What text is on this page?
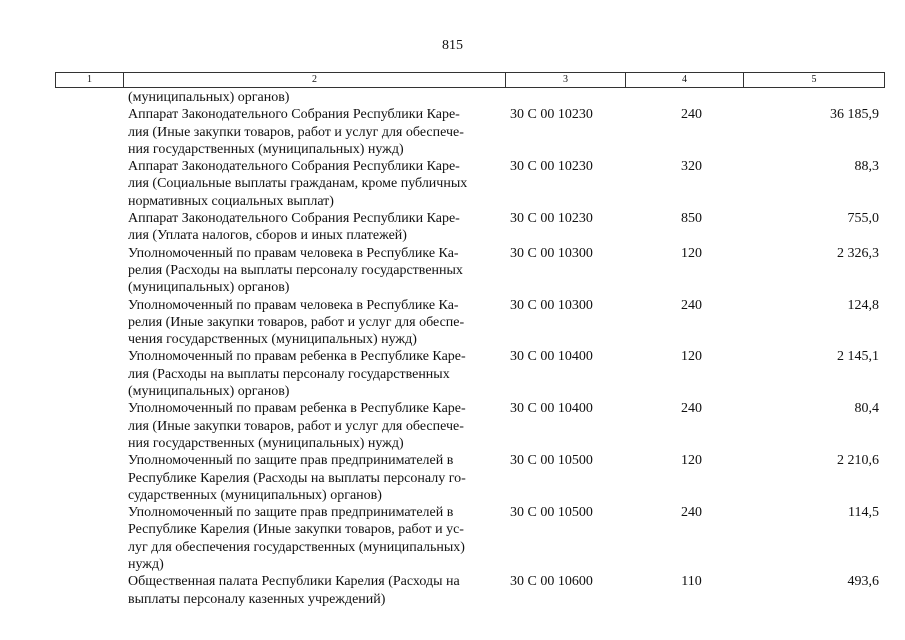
815
1	2	3	4	5
(муниципальных) органов)
Аппарат Законодательного Собрания Республики Каре-
лия (Иные закупки товаров, работ и услуг для обеспече-
ния государственных (муниципальных) нужд)
30 С 00 10230	240	36 185,9
Аппарат Законодательного Собрания Республики Каре-
лия (Социальные выплаты гражданам, кроме публичных
нормативных социальных выплат)
30 С 00 10230	320	88,3
Аппарат Законодательного Собрания Республики Каре-
лия (Уплата налогов, сборов и иных платежей)
30 С 00 10230	850	755,0
Уполномоченный по правам человека в Республике Ка-
релия (Расходы на выплаты персоналу государственных
(муниципальных) органов)
30 С 00 10300	120	2 326,3
Уполномоченный по правам человека в Республике Ка-
релия (Иные закупки товаров, работ и услуг для обеспе-
чения государственных (муниципальных) нужд)
30 С 00 10300	240	124,8
Уполномоченный по правам ребенка в Республике Каре-
лия (Расходы на выплаты персоналу государственных
(муниципальных) органов)
30 С 00 10400	120	2 145,1
Уполномоченный по правам ребенка в Республике Каре-
лия (Иные закупки товаров, работ и услуг для обеспече-
ния государственных (муниципальных) нужд)
30 С 00 10400	240	80,4
Уполномоченный по защите прав предпринимателей в
Республике Карелия (Расходы на выплаты персоналу го-
сударственных (муниципальных) органов)
30 С 00 10500	120	2 210,6
Уполномоченный по защите прав предпринимателей в
Республике Карелия (Иные закупки товаров, работ и ус-
луг для обеспечения государственных (муниципальных)
нужд)
30 С 00 10500	240	114,5
Общественная палата Республики Карелия (Расходы на
выплаты персоналу казенных учреждений)
30 С 00 10600	110	493,6
